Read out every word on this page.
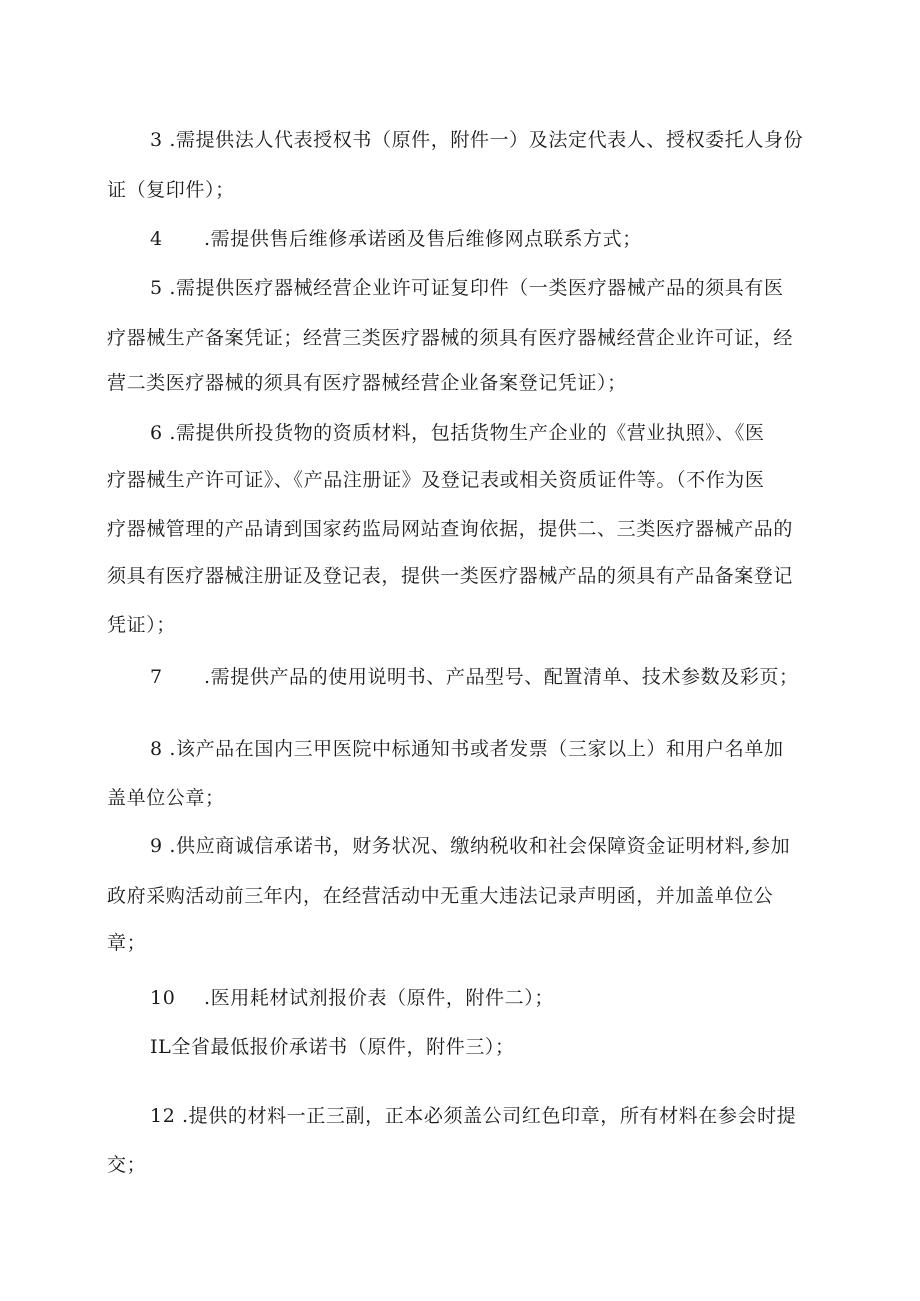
3 .需提供法人代表授权书（原件，附件一）及法定代表人、授权委托人身份
证（复印件）；
4 .需提供售后维修承诺函及售后维修网点联系方式；
5 .需提供医疗器械经营企业许可证复印件（一类医疗器械产品的须具有医
疗器械生产备案凭证；经营三类医疗器械的须具有医疗器械经营企业许可证，经
营二类医疗器械的须具有医疗器械经营企业备案登记凭证）；
6 .需提供所投货物的资质材料，包括货物生产企业的《营业执照》、《医
疗器械生产许可证》、《产品注册证》及登记表或相关资质证件等。（不作为医
疗器械管理的产品请到国家药监局网站查询依据，提供二、三类医疗器械产品的
须具有医疗器械注册证及登记表，提供一类医疗器械产品的须具有产品备案登记
凭证）；
7 .需提供产品的使用说明书、产品型号、配置清单、技术参数及彩页；
8 .该产品在国内三甲医院中标通知书或者发票（三家以上）和用户名单加
盖单位公章；
9 .供应商诚信承诺书，财务状况、缴纳税收和社会保障资金证明材料,参加
政府采购活动前三年内，在经营活动中无重大违法记录声明函，并加盖单位公
章；
10 .医用耗材试剂报价表（原件，附件二）；
IL全省最低报价承诺书（原件，附件三）；
12 .提供的材料一正三副，正本必须盖公司红色印章，所有材料在参会时提
交；
